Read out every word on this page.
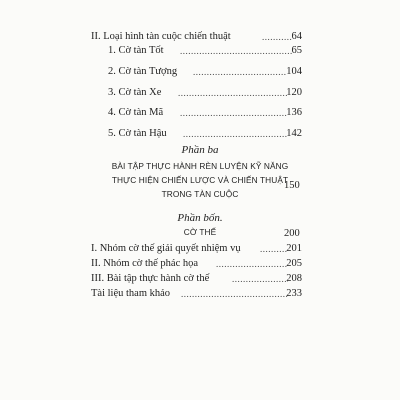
II. Loại hình tàn cuộc chiến thuật .....	64
1. Cờ tàn Tốt .....	65
2. Cờ tàn Tượng .....	104
3. Cờ tàn Xe .....	120
4. Cờ tàn Mã .....	136
5. Cờ tàn Hậu .....	142
Phần ba
BÀI TẬP THỰC HÀNH RÈN LUYỆN KỸ NĂNG
THỰC HIỆN CHIẾN LƯỢC VÀ CHIẾN THUẬT
TRONG TÀN CUỘC
150
Phần bốn.
CỜ THẾ	200
I. Nhóm cờ thế giải quyết nhiệm vụ .....	201
II. Nhóm cờ thế phác họa .....	205
III. Bài tập thực hành cờ thế .....	208
Tài liệu tham khảo .....	233
